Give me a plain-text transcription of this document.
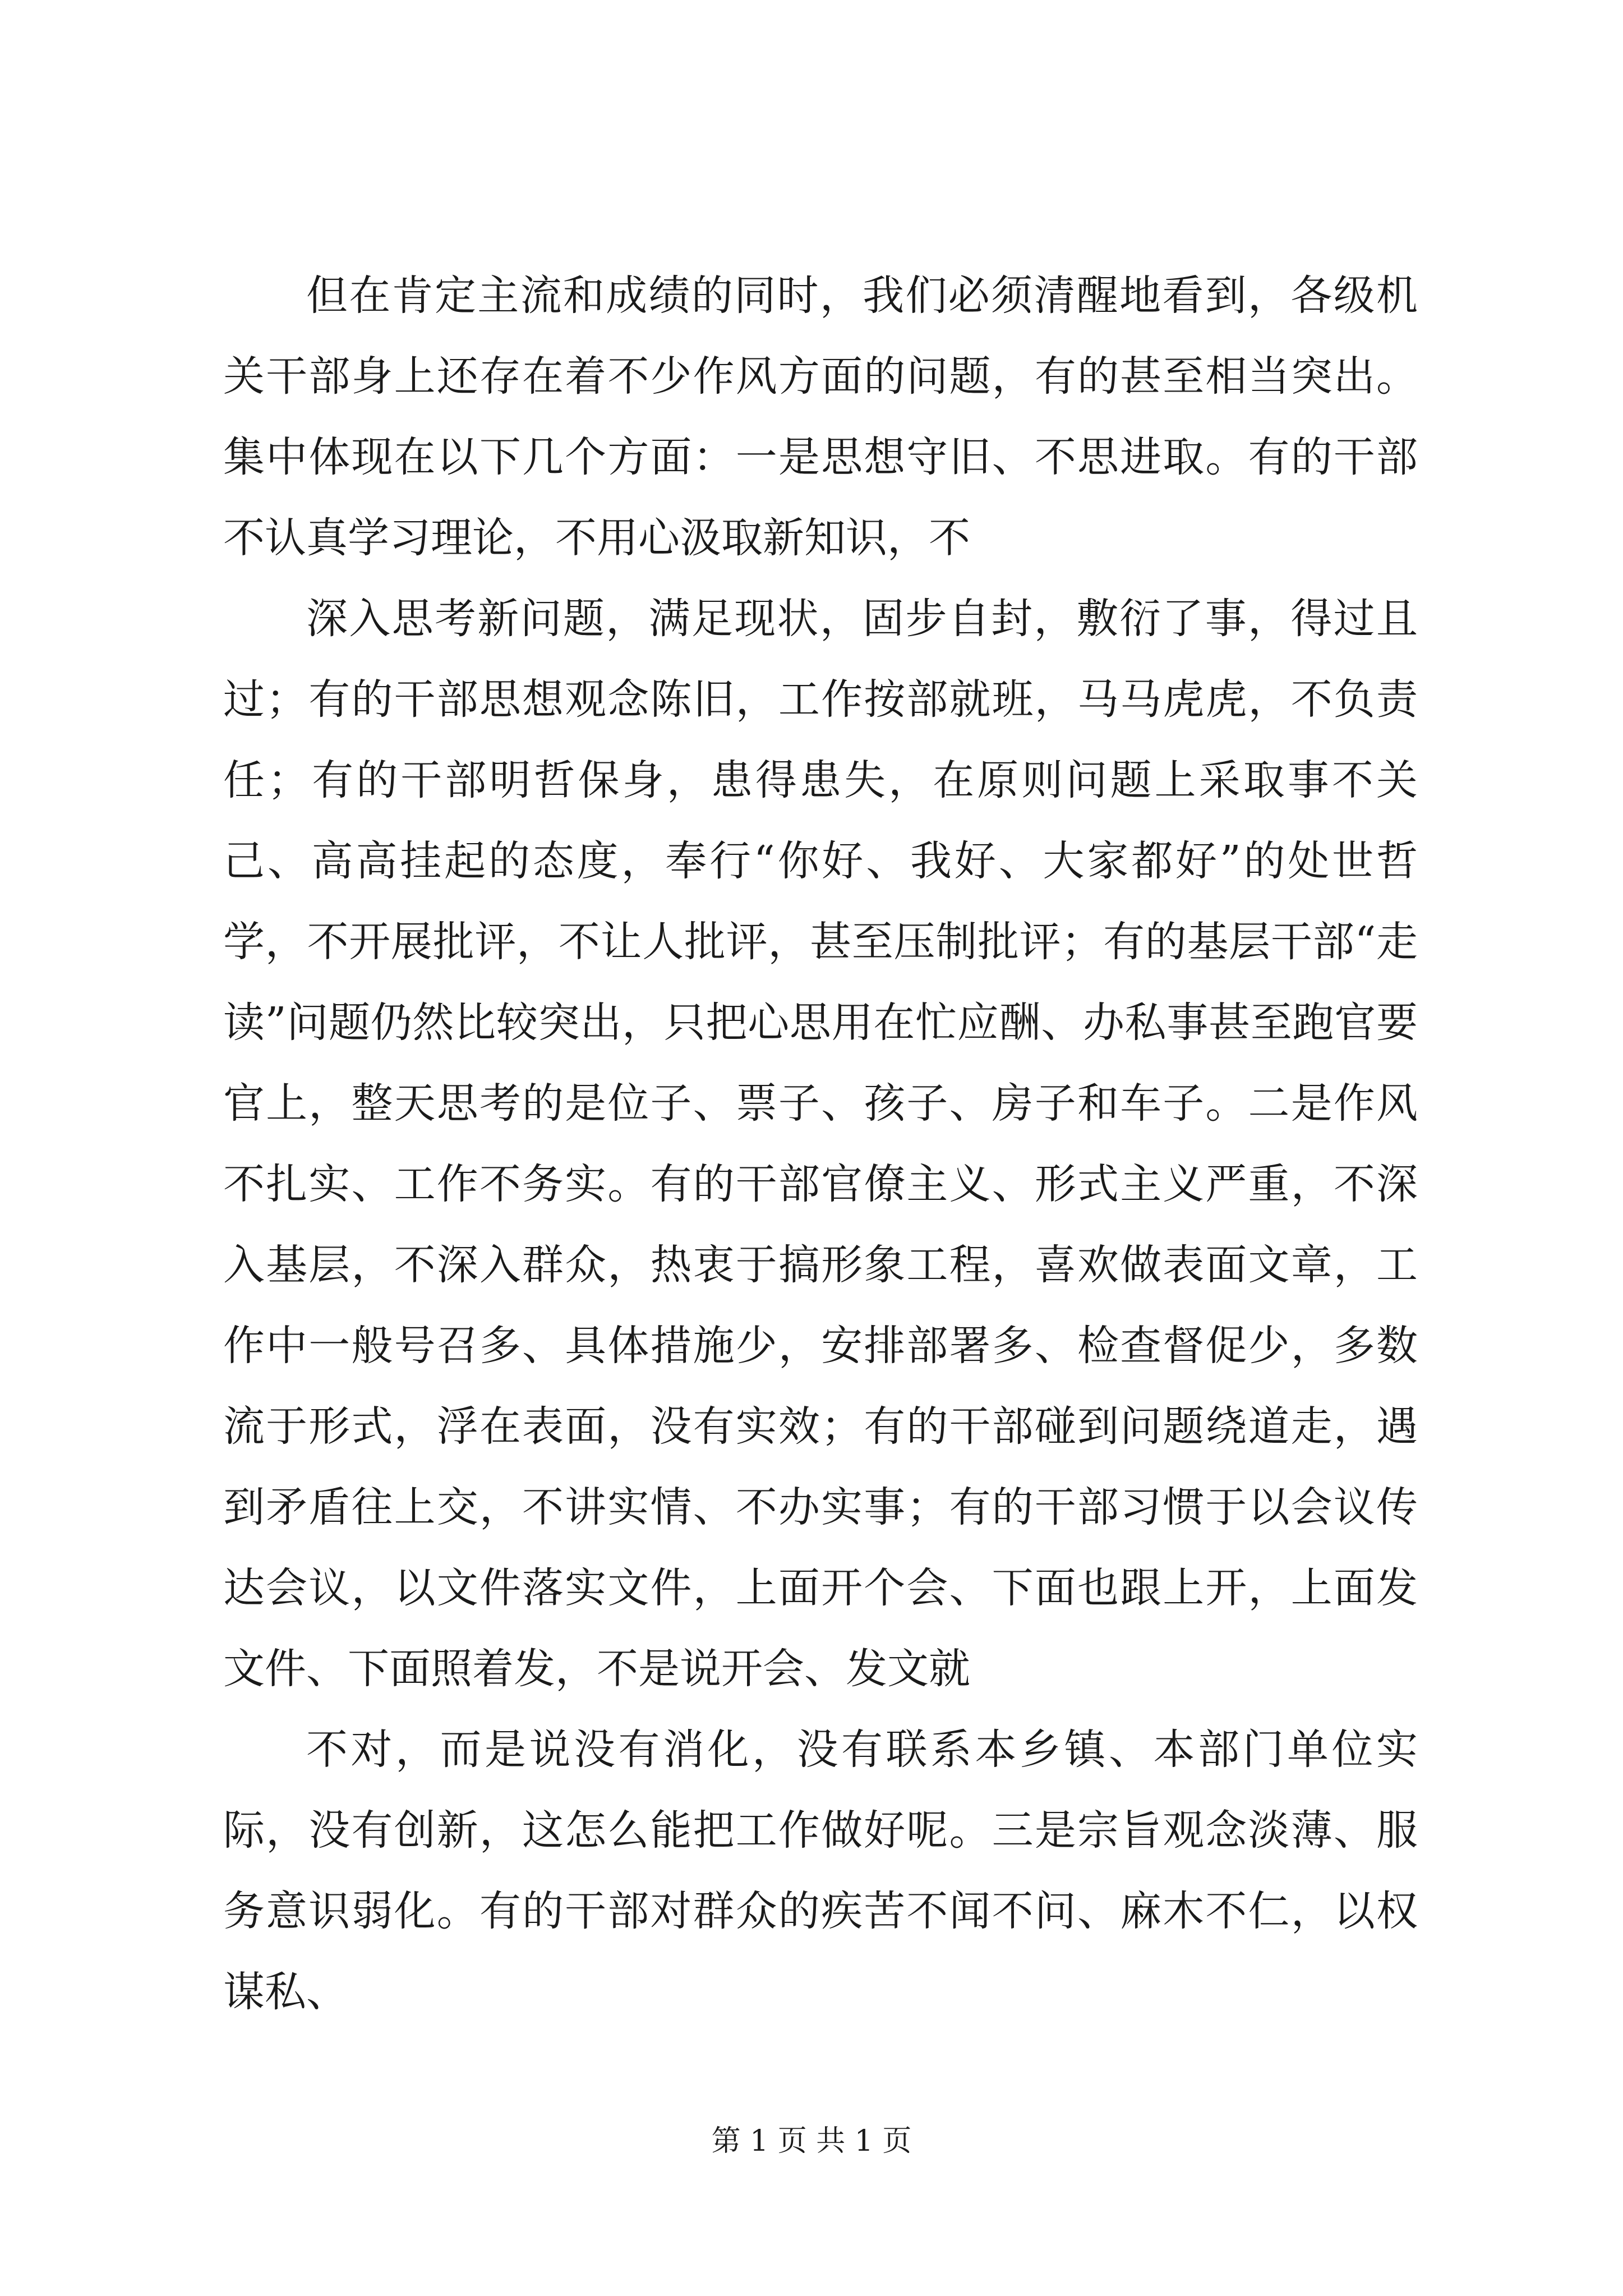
但在肯定主流和成绩的同时，我们必须清醒地看到，各级机关干部身上还存在着不少作风方面的问题，有的甚至相当突出。集中体现在以下几个方面：一是思想守旧、不思进取。有的干部不认真学习理论，不用心汲取新知识，不

深入思考新问题，满足现状，固步自封，敷衍了事，得过且过；有的干部思想观念陈旧，工作按部就班，马马虎虎，不负责任；有的干部明哲保身，患得患失，在原则问题上采取事不关己、高高挂起的态度，奉行“你好、我好、大家都好”的处世哲学，不开展批评，不让人批评，甚至压制批评；有的基层干部“走读”问题仍然比较突出，只把心思用在忙应酬、办私事甚至跑官要官上，整天思考的是位子、票子、孩子、房子和车子。二是作风不扎实、工作不务实。有的干部官僚主义、形式主义严重，不深入基层，不深入群众，热衷于搞形象工程，喜欢做表面文章，工作中一般号召多、具体措施少，安排部署多、检查督促少，多数流于形式，浮在表面，没有实效；有的干部碰到问题绕道走，遇到矛盾往上交，不讲实情、不办实事；有的干部习惯于以会议传达会议，以文件落实文件，上面开个会、下面也跟上开，上面发文件、下面照着发，不是说开会、发文就

不对，而是说没有消化，没有联系本乡镇、本部门单位实际，没有创新，这怎么能把工作做好呢。三是宗旨观念淡薄、服务意识弱化。有的干部对群众的疾苦不闻不问、麻木不仁，以权谋私、

第 1 页 共 1 页
